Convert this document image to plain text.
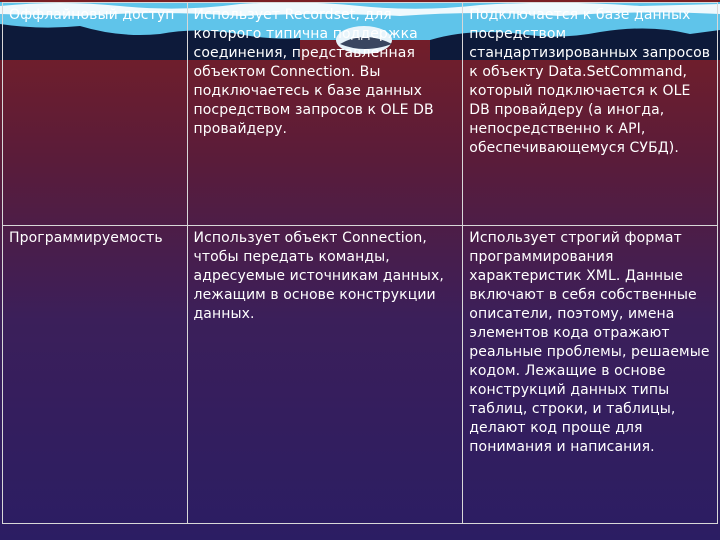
Оффлайновый доступ	Использует Recordset, для которого типична поддержка соединения, представленная объектом Connection. Вы подключаетесь к базе данных посредством запросов к OLE DB провайдеру.	Подключается к базе данных посредством стандартизированных запросов к объекту Data.SetCommand, который подключается к OLE DB провайдеру (а иногда, непосредственно к API, обеспечивающемуся СУБД).
Программируемость	Использует объект Connection, чтобы передать команды, адресуемые источникам данных, лежащим в основе конструкции данных.	Использует строгий формат программирования характеристик XML. Данные включают в себя собственные описатели, поэтому, имена элементов кода отражают реальные проблемы, решаемые кодом. Лежащие в основе конструкций данных типы таблиц, строки, и таблицы, делают код проще для понимания и написания.
